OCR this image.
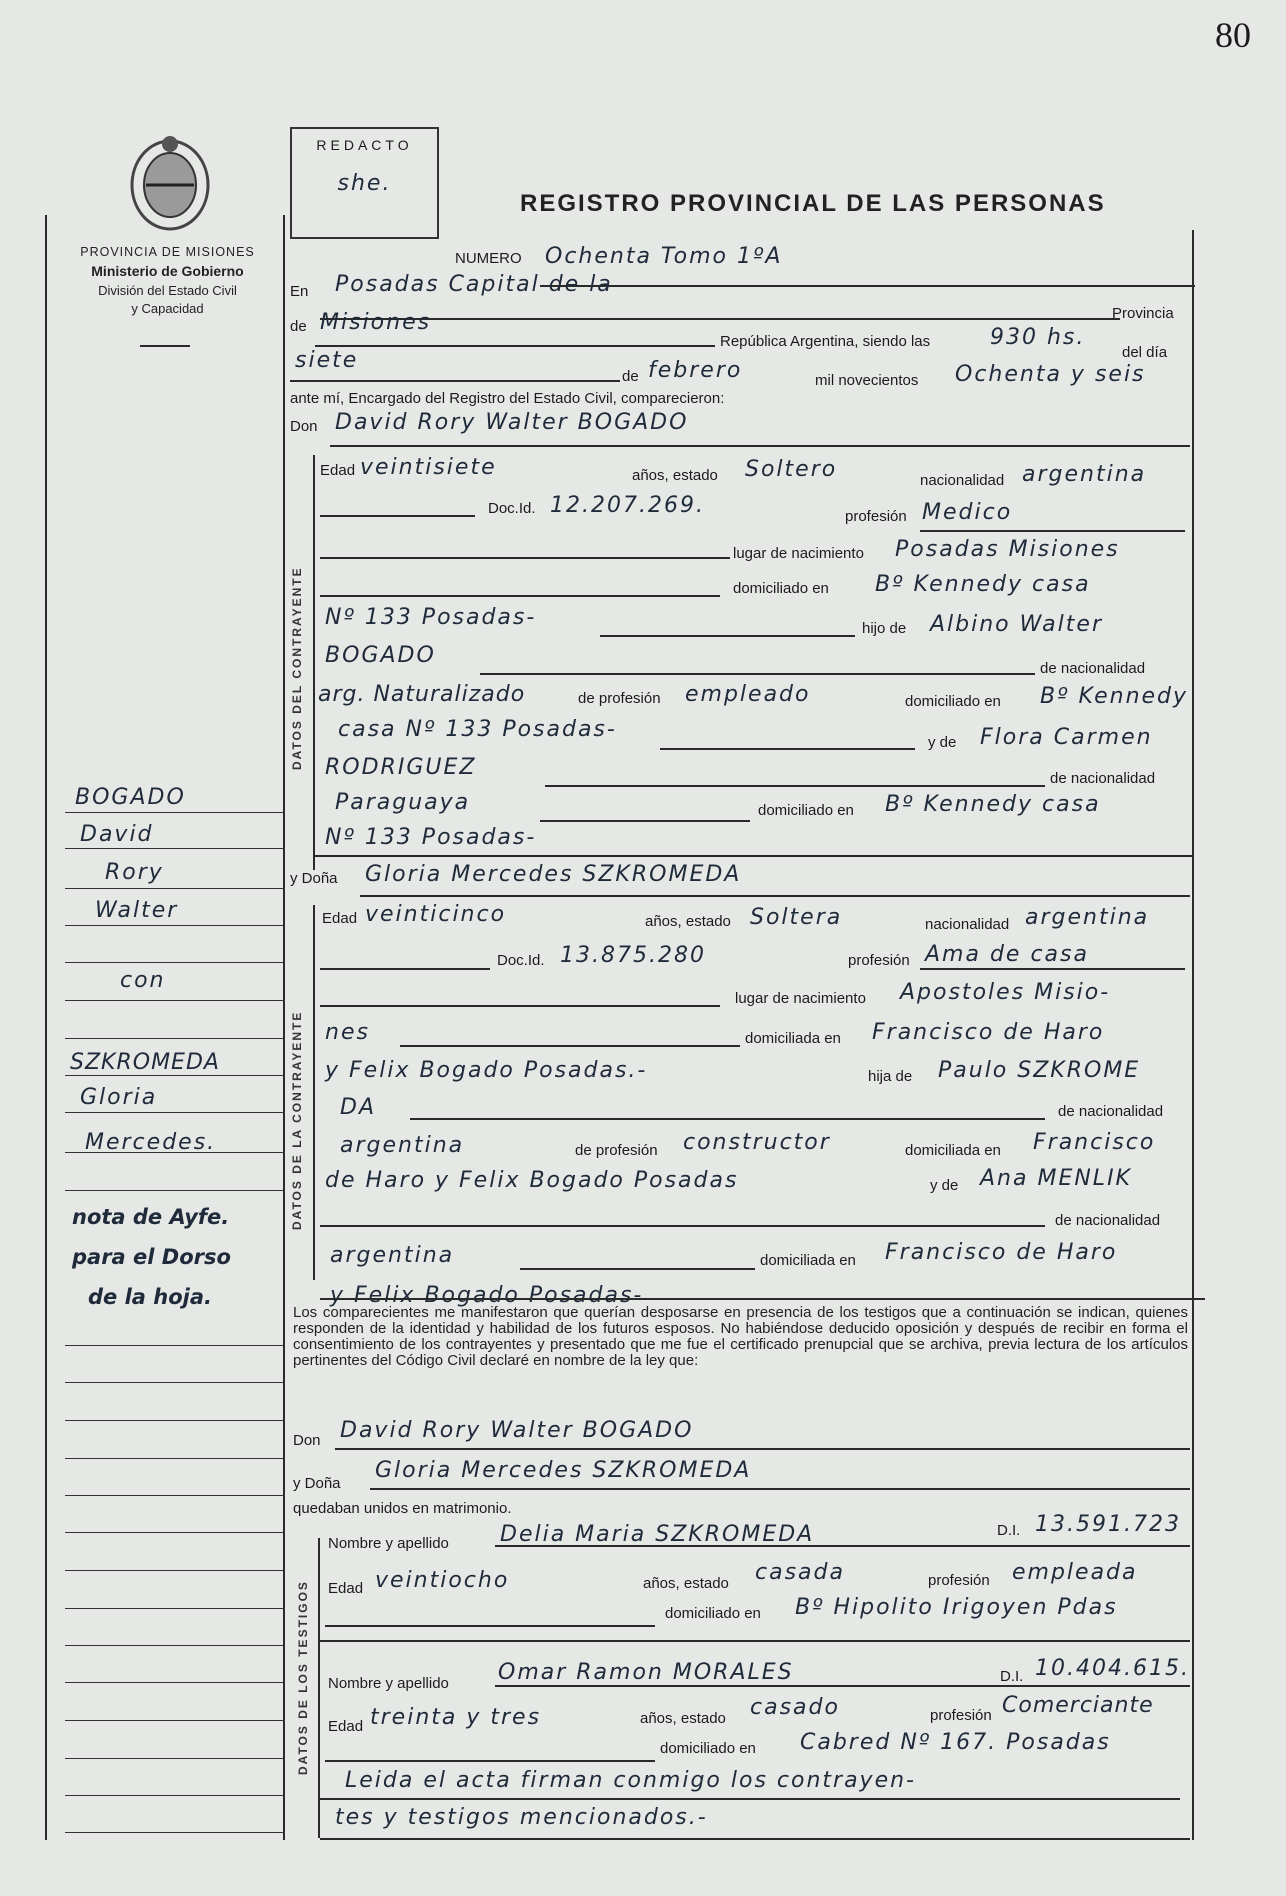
80
PROVINCIA DE MISIONES
Ministerio de Gobierno
División del Estado Civil
y Capacidad
REDACTO
she.
REGISTRO PROVINCIAL DE LAS PERSONAS
DATOS DEL CONTRAYENTE
DATOS DE LA CONTRAYENTE
DATOS DE LOS TESTIGOS
NUMERO Ochenta Tomo 1ºA
En Posadas Capital de la
Provincia
de Misiones
República Argentina, siendo las	930 hs.
del día
siete
de febrero	mil novecientos Ochenta y seis
ante mí, Encargado del Registro del Estado Civil, comparecieron:
Don David Rory Walter BOGADO
Edad veintisiete	años, estado Soltero	nacionalidad argentina
Doc.Id. 12.207.269.	profesión Medico
lugar de nacimiento Posadas Misiones
domiciliado en Bº Kennedy casa
Nº 133 Posadas-	hijo de Albino Walter
BOGADO
de nacionalidad
arg. Naturalizado	de profesión empleado	domiciliado en Bº Kennedy
casa Nº 133 Posadas-
y de Flora Carmen
RODRIGUEZ	de nacionalidad
Paraguaya	domiciliado en Bº Kennedy casa
Nº 133 Posadas-
y Doña Gloria Mercedes SZKROMEDA
Edad veinticinco	años, estado Soltera	nacionalidad argentina
Doc.Id. 13.875.280	profesión Ama de casa
lugar de nacimiento Apostoles Misio-
nes	domiciliada en Francisco de Haro
y Felix Bogado Posadas.-	hija de Paulo SZKROME
DA	de nacionalidad
argentina	de profesión constructor	domiciliada en Francisco
de Haro y Felix Bogado Posadas	y de Ana MENLIK
de nacionalidad
argentina	domiciliada en Francisco de Haro
y Felix Bogado Posadas-
Los comparecientes me manifestaron que querían desposarse en presencia de los testigos que a continuación se indican, quienes responden de la identidad y habilidad de los futuros esposos. No habiéndose deducido oposición y después de recibir en forma el consentimiento de los contrayentes y presentado que me fue el certificado prenupcial que se archiva, previa lectura de los artículos pertinentes del Código Civil declaré en nombre de la ley que:
Don David Rory Walter BOGADO
y Doña
Gloria Mercedes SZKROMEDA
quedaban unidos en matrimonio.
Nombre y apellido Delia Maria SZKROMEDA	D.I. 13.591.723
Edad veintiocho	años, estado casada	profesión empleada
domiciliado en Bº Hipolito Irigoyen Pdas
Nombre y apellido Omar Ramon MORALES	D.I. 10.404.615.
Edad treinta y tres	años, estado casado	profesión Comerciante
domiciliado en Cabred Nº 167. Posadas
Leida el acta firman conmigo los contrayen-
tes y testigos mencionados.-
BOGADO
David
Rory
Walter
con
SZKROMEDA
Gloria
Mercedes.
nota de Ayfe.
para el Dorso
de la hoja.
